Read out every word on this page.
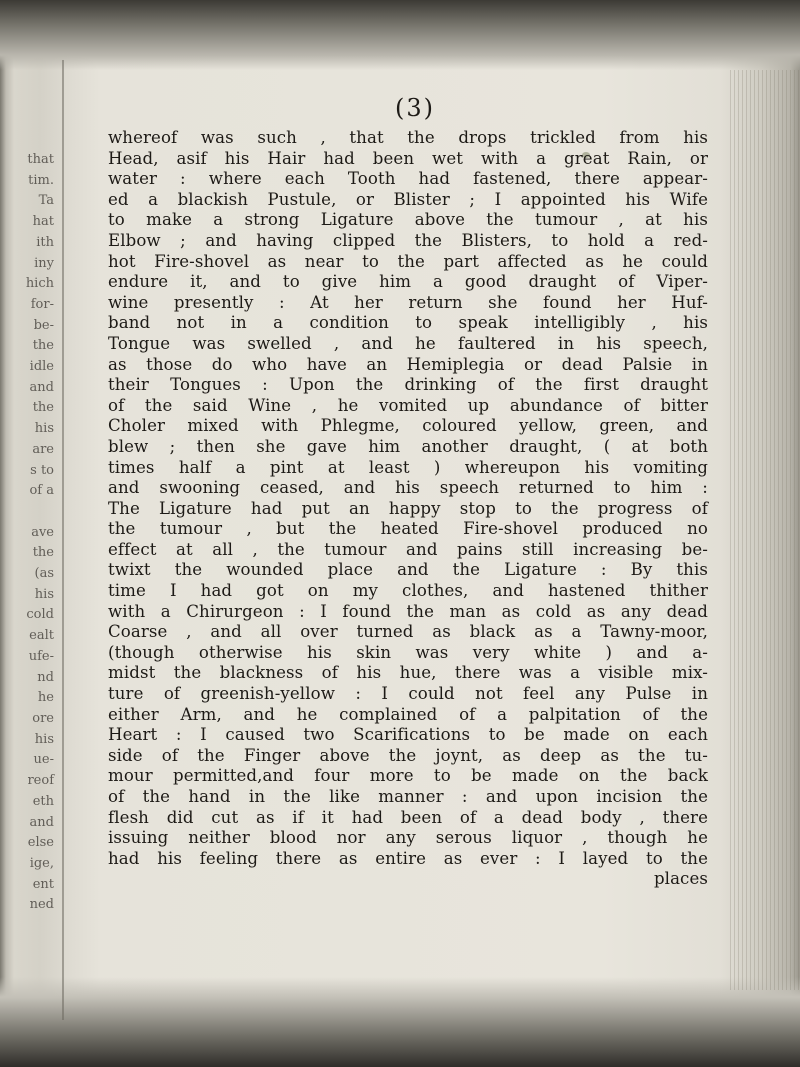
that
tim.
Ta
hat
ith
iny
hich
for-
be-
the
idle
and
the
his
are
s to
of a

ave
the
(as
his
cold
ealt
ufe-
nd
he
ore
his
ue-
reof
eth
and
else
ige,
ent
ned
(3)
whereof was such , that the drops trickled from his
Head, asif his Hair had been wet with a great Rain, or
water : where each Tooth had fastened, there appear-
ed a blackish Pustule, or Blister ; I appointed his Wife
to make a strong Ligature above the tumour , at his
Elbow ; and having clipped the Blisters, to hold a red-
hot Fire-shovel as near to the part affected as he could
endure it, and to give him a good draught of Viper-
wine presently : At her return she found her Huf-
band not in a condition to speak intelligibly , his
Tongue was swelled , and he faultered in his speech,
as those do who have an Hemiplegia or dead Palsie in
their Tongues : Upon the drinking of the first draught
of the said Wine , he vomited up abundance of bitter
Choler mixed with Phlegme, coloured yellow, green, and
blew ; then she gave him another draught, ( at both
times half a pint at least ) whereupon his vomiting
and swooning ceased, and his speech returned to him :
The Ligature had put an happy stop to the progress of
the tumour , but the heated Fire-shovel produced no
effect at all , the tumour and pains still increasing be-
twixt the wounded place and the Ligature : By this
time I had got on my clothes, and hastened thither
with a Chirurgeon : I found the man as cold as any dead
Coarse , and all over turned as black as a Tawny-moor,
(though otherwise his skin was very white ) and a-
midst the blackness of his hue, there was a visible mix-
ture of greenish-yellow : I could not feel any Pulse in
either Arm, and he complained of a palpitation of the
Heart : I caused two Scarifications to be made on each
side of the Finger above the joynt, as deep as the tu-
mour permitted,and four more to be made on the back
of the hand in the like manner : and upon incision the
flesh did cut as if it had been of a dead body , there
issuing neither blood nor any serous liquor , though he
had his feeling there as entire as ever : I layed to the
places
